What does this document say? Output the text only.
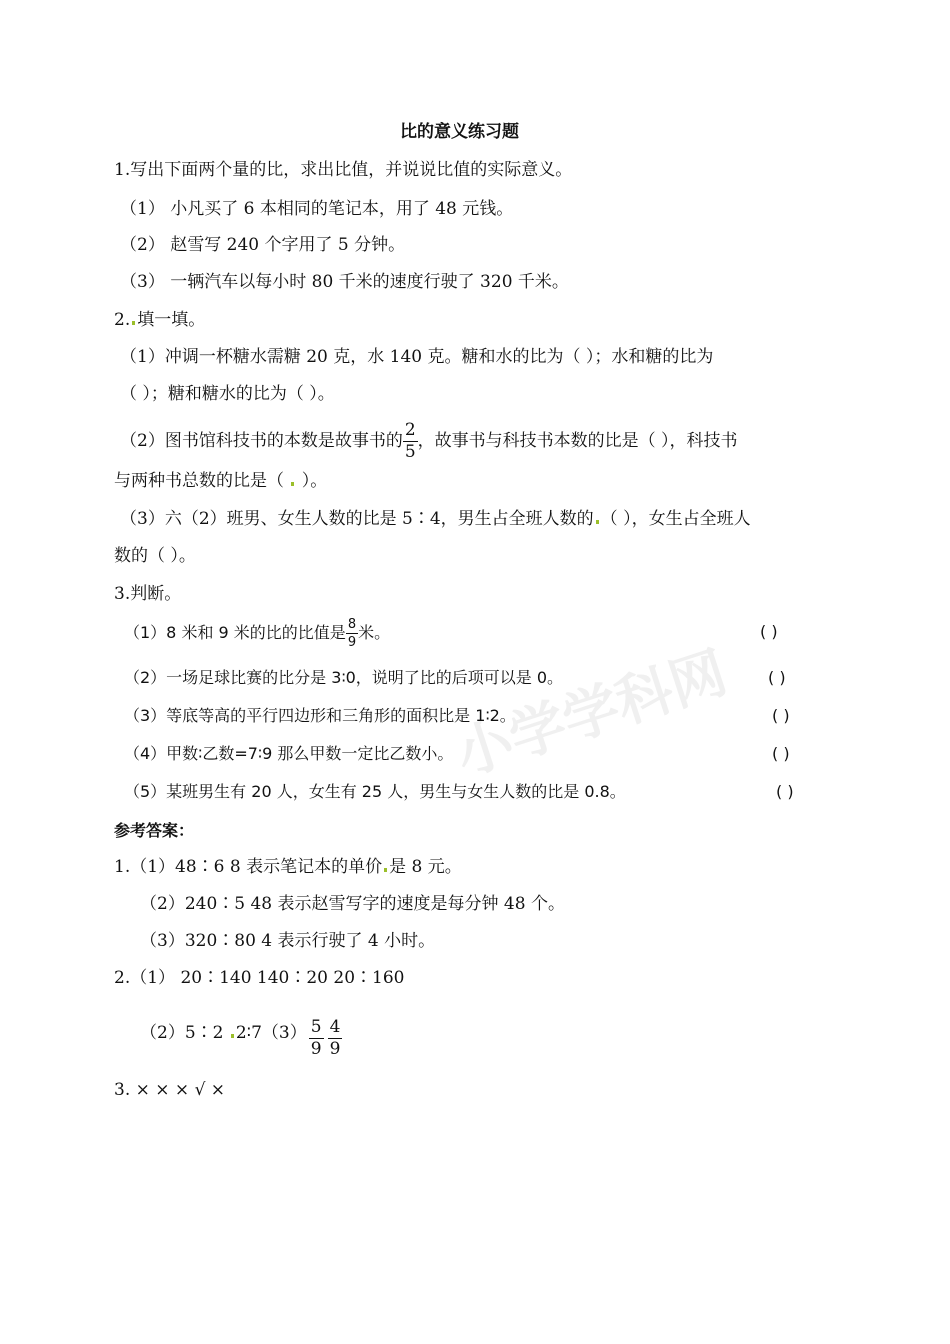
小学学科网
比的意义练习题
1.写出下面两个量的比，求出比值，并说说比值的实际意义。
（1） 小凡买了 6 本相同的笔记本，用了 48 元钱。
（2） 赵雪写 240 个字用了 5 分钟。
（3） 一辆汽车以每小时 80 千米的速度行驶了 320 千米。
2. 填一填。
（1）冲调一杯糖水需糖 20 克，水 140 克。糖和水的比为（ ）；水和糖的比为
（ ）；糖和糖水的比为（ ）。
（2）图书馆科技书的本数是故事书的 $\frac{2}{5}$ ，故事书与科技书本数的比是（ ），科技书
与两种书总数的比是（  ）。
（3）六（2）班男、女生人数的比是 5∶4，男生占全班人数的 （ ），女生占全班人
数的（ ）。
3.判断。
（1）8 米和 9 米的比的比值是 $\frac{8}{9}$ 米。	( )
（2）一场足球比赛的比分是 3∶0，说明了比的后项可以是 0。	( )
（3）等底等高的平行四边形和三角形的面积比是 1∶2。	( )
（4）甲数∶乙数=7∶9 那么甲数一定比乙数小。	( )
（5）某班男生有 20 人，女生有 25 人，男生与女生人数的比是 0.8。	( )
参考答案：
1.（1）48∶6 8 表示笔记本的单价 是 8 元。
（2）240∶5 48 表示赵雪写字的速度是每分钟 48 个。
（3）320∶80 4 表示行驶了 4 小时。
2.（1） 20∶140 140∶20 20∶160
（2）5∶2 2∶7（3） $\frac{5}{9} \frac{4}{9}$
3. × × × √ ×
